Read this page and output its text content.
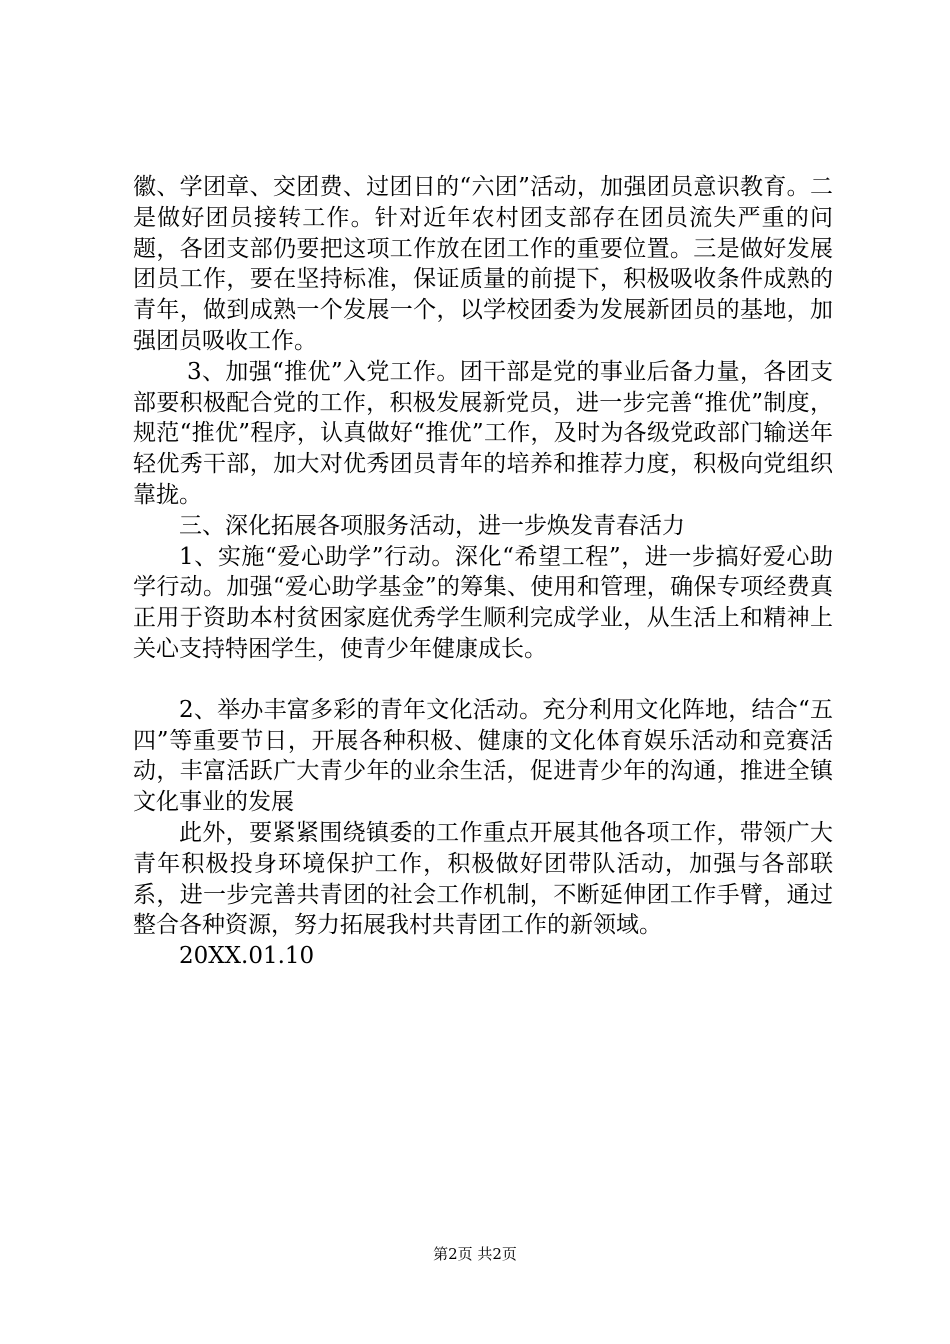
徽、学团章、交团费、过团日的“六团”活动，加强团员意识教育。二是做好团员接转工作。针对近年农村团支部存在团员流失严重的问题，各团支部仍要把这项工作放在团工作的重要位置。三是做好发展团员工作，要在坚持标准，保证质量的前提下，积极吸收条件成熟的青年，做到成熟一个发展一个，以学校团委为发展新团员的基地，加强团员吸收工作。

3、加强“推优”入党工作。团干部是党的事业后备力量，各团支部要积极配合党的工作，积极发展新党员，进一步完善“推优”制度，规范“推优”程序，认真做好“推优”工作，及时为各级党政部门输送年轻优秀干部，加大对优秀团员青年的培养和推荐力度，积极向党组织靠拢。

三、深化拓展各项服务活动，进一步焕发青春活力

1、实施“爱心助学”行动。深化“希望工程”，进一步搞好爱心助学行动。加强“爱心助学基金”的筹集、使用和管理，确保专项经费真正用于资助本村贫困家庭优秀学生顺利完成学业，从生活上和精神上关心支持特困学生，使青少年健康成长。

2、举办丰富多彩的青年文化活动。充分利用文化阵地，结合“五四”等重要节日，开展各种积极、健康的文化体育娱乐活动和竞赛活动，丰富活跃广大青少年的业余生活，促进青少年的沟通，推进全镇文化事业的发展

此外，要紧紧围绕镇委的工作重点开展其他各项工作，带领广大青年积极投身环境保护工作，积极做好团带队活动，加强与各部联系，进一步完善共青团的社会工作机制，不断延伸团工作手臂，通过整合各种资源，努力拓展我村共青团工作的新领域。

20XX.01.10

第2页 共2页
